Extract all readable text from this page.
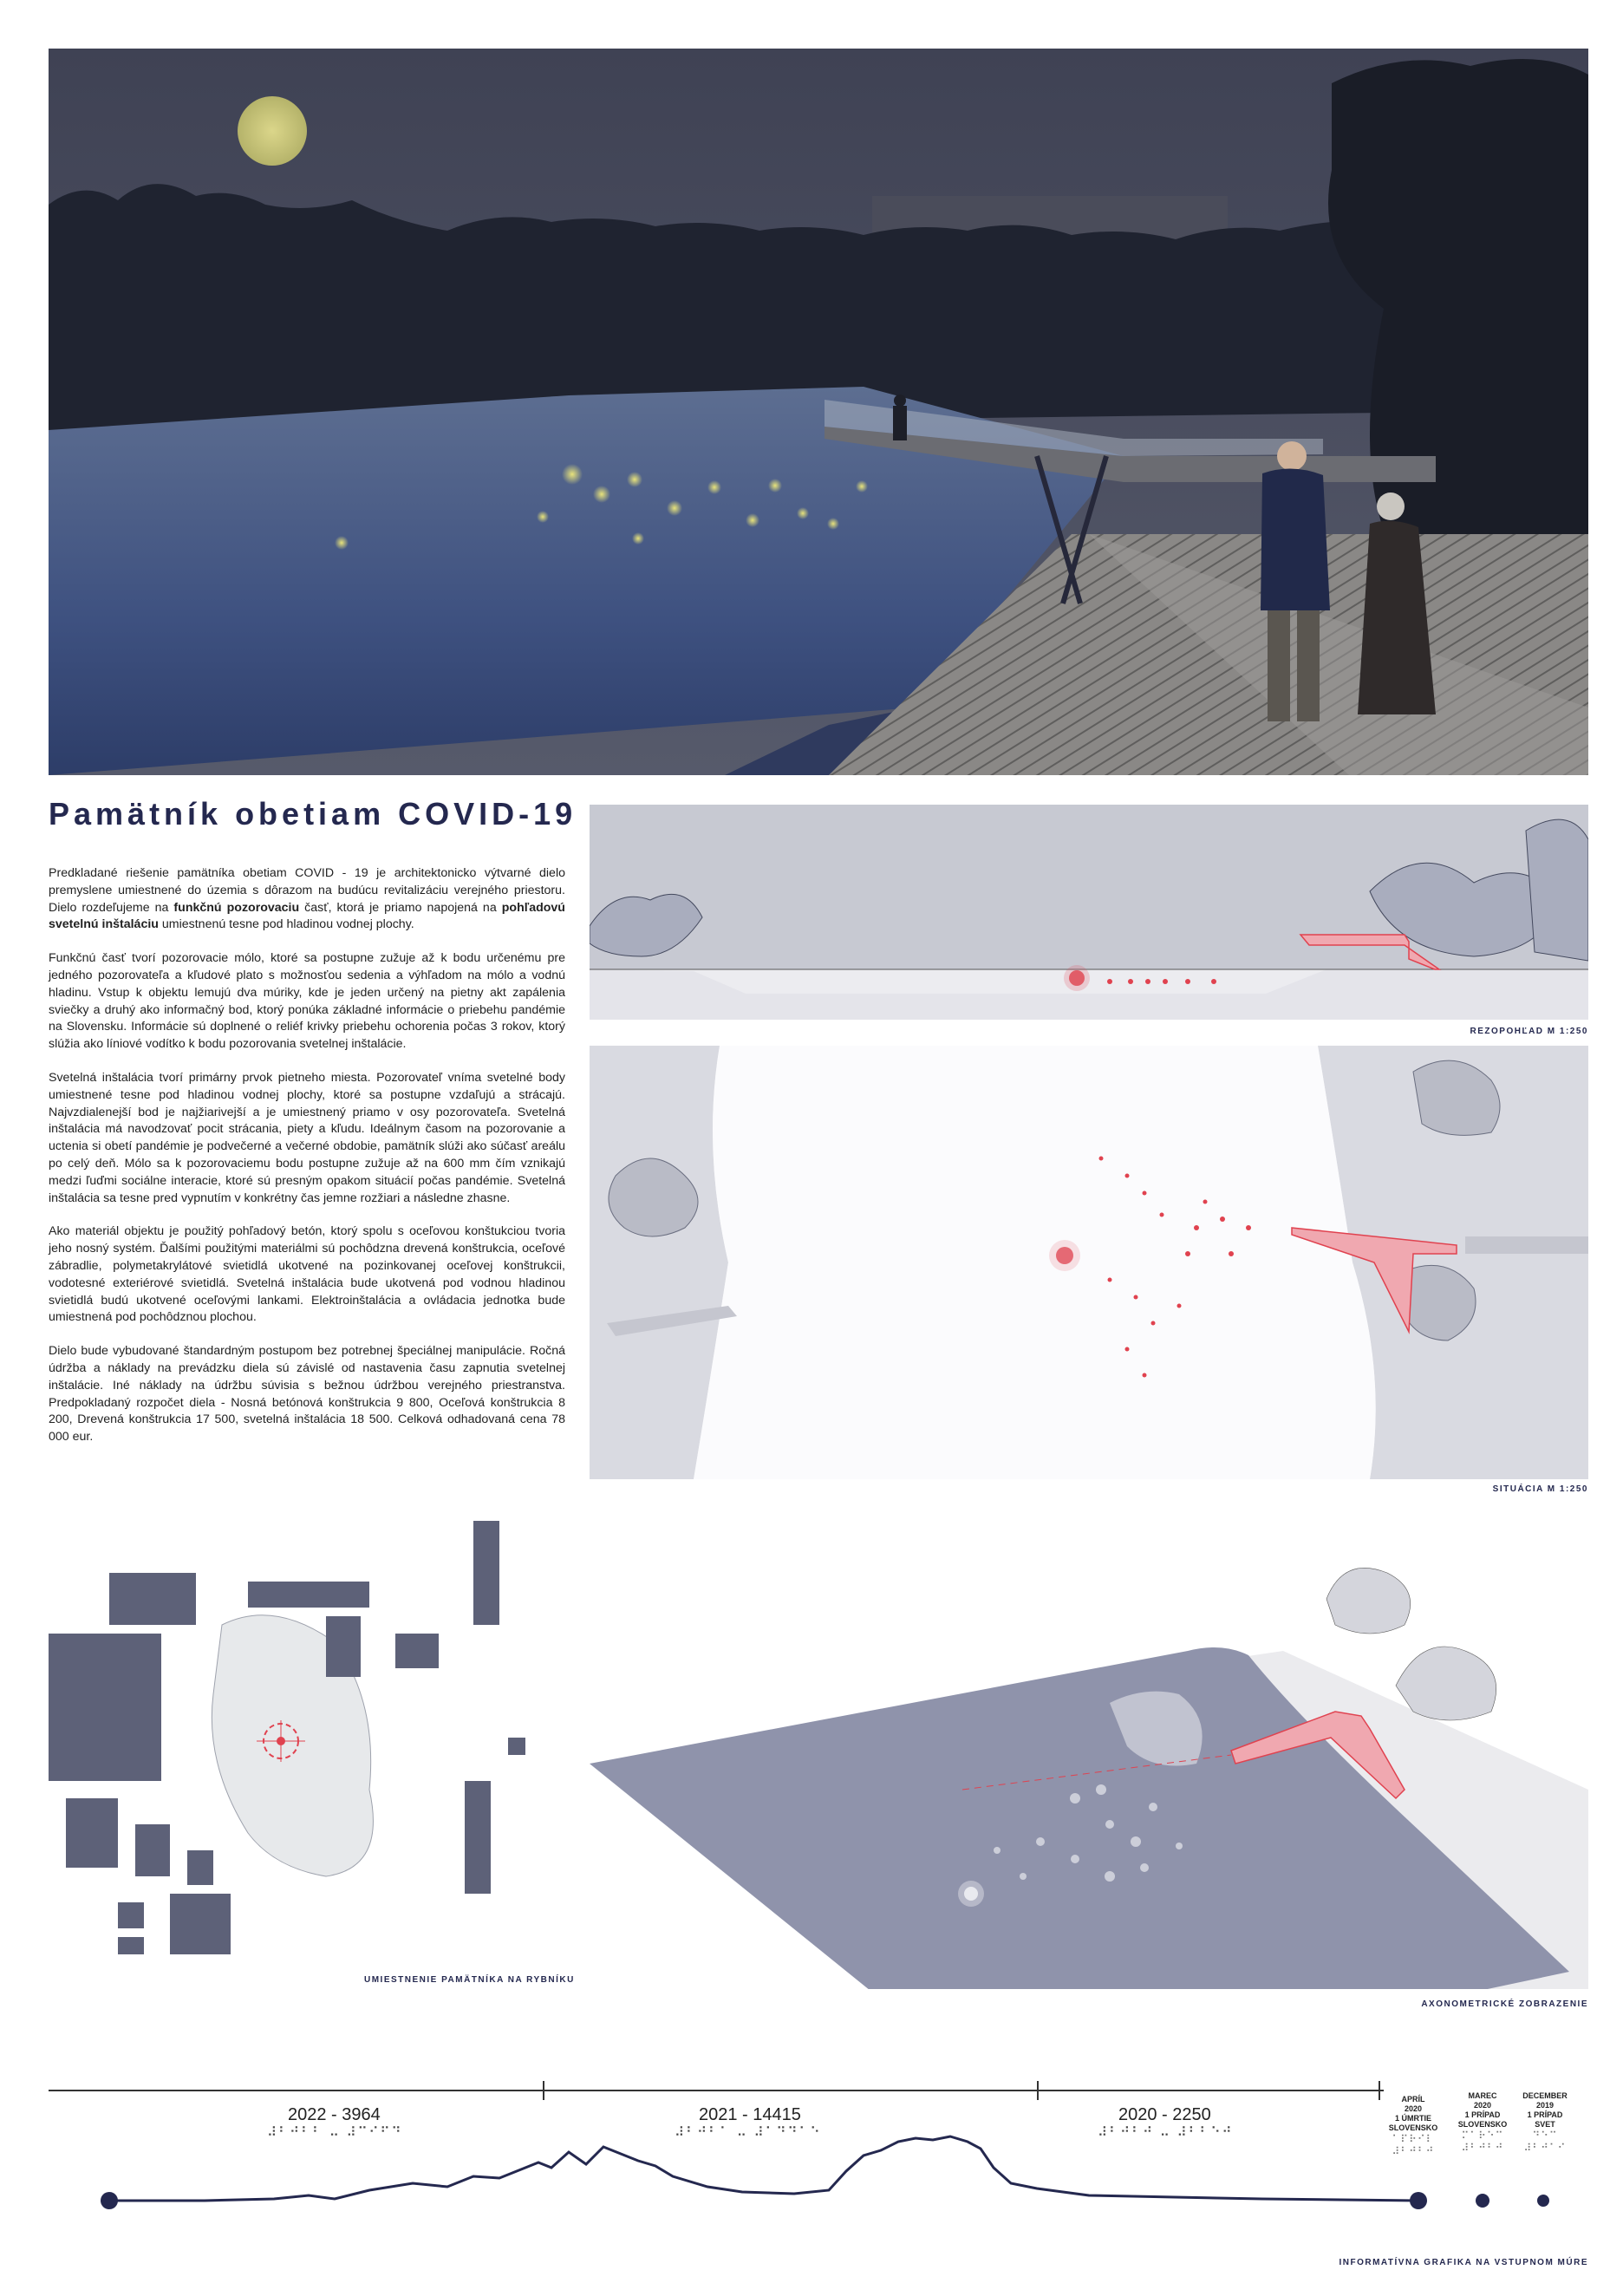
Pamätník obetiam COVID-19

Predkladané riešenie pamätníka obetiam COVID - 19 je architektonicko výtvarné dielo premyslene umiestnené do územia s dôrazom na budúcu revitalizáciu verejného priestoru. Dielo rozdeľujeme na funkčnú pozorovaciu časť, ktorá je priamo napojená na pohľadovú svetelnú inštaláciu umiestnenú tesne pod hladinou vodnej plochy.

Funkčnú časť tvorí pozorovacie mólo, ktoré sa postupne zužuje až k bodu určenému pre jedného pozorovateľa a kľudové plato s možnosťou sedenia a výhľadom na mólo a vodnú hladinu. Vstup k objektu lemujú dva múriky, kde je jeden určený na pietny akt zapálenia sviečky a druhý ako informačný bod, ktorý ponúka základné informácie o priebehu pandémie na Slovensku. Informácie sú doplnené o reliéf krivky priebehu ochorenia počas 3 rokov, ktorý slúžia ako líniové vodítko k bodu pozorovania svetelnej inštalácie.

Svetelná inštalácia tvorí primárny prvok pietneho miesta. Pozorovateľ vníma svetelné body umiestnené tesne pod hladinou vodnej plochy, ktoré sa postupne vzdaľujú a strácajú. Najvzdialenejší bod je najžiarivejší a je umiestnený priamo v osy pozorovateľa. Svetelná inštalácia má navodzovať pocit strácania, piety a kľudu. Ideálnym časom na pozorovanie a uctenia si obetí pandémie je podvečerné a večerné obdobie, pamätník slúži ako súčasť areálu po celý deň. Mólo sa k pozorovaciemu bodu postupne zužuje až na 600 mm čím vznikajú medzi ľuďmi sociálne interacie, ktoré sú presným opakom situácií počas pandémie. Svetelná inštalácia sa tesne pred vypnutím v konkrétny čas jemne rozžiari a následne zhasne.

Ako materiál objektu je použitý pohľadový betón, ktorý spolu s oceľovou konštukciou tvoria jeho nosný systém. Ďalšími použitými materiálmi sú pochôdzna drevená konštrukcia, oceľové zábradlie, polymetakrylátové svietidlá ukotvené na pozinkovanej oceľovej konštrukcii, vodotesné exteriérové svietidlá. Svetelná inštalácia bude ukotvená pod vodnou hladinou svietidlá budú ukotvené oceľovými lankami. Elektroinštalácia a ovládacia jednotka bude umiestnená pod pochôdznou plochou.

Dielo bude vybudované štandardným postupom bez potrebnej špeciálnej manipulácie. Ročná údržba a náklady na prevádzku diela sú závislé od nastavenia času zapnutia svetelnej inštalácie. Iné náklady na údržbu súvisia s bežnou údržbou verejného priestranstva. Predpokladaný rozpočet diela - Nosná betónová konštrukcia 9 800, Oceľová konštrukcia 8 200, Drevená konštrukcia 17 500, svetelná inštalácia 18 500. Celková odhadovaná cena 78 000 eur.

REZOPOHĽAD M 1:250
SITUÁCIA M 1:250
UMIESTNENIE PAMÄTNÍKA NA RYBNÍKU
AXONOMETRICKÉ ZOBRAZENIE
2022 - 3964
⠼⠃⠚⠃⠃ ⠤ ⠼⠉⠊⠋⠙
2021 - 14415
⠼⠃⠚⠃⠁ ⠤ ⠼⠁⠙⠙⠁⠑
2020 - 2250
⠼⠃⠚⠃⠚ ⠤ ⠼⠃⠃⠑⠚
APRÍL
2020
1 ÚMRTIE
SLOVENSKO
⠁⠏⠗⠊⠇ ⠼⠃⠚⠃⠚
MAREC
2020
1 PRÍPAD
SLOVENSKO
⠍⠁⠗⠑⠉ ⠼⠃⠚⠃⠚
DECEMBER
2019
1 PRÍPAD
SVET
⠙⠑⠉ ⠼⠃⠚⠁⠊
INFORMATÍVNA GRAFIKA NA VSTUPNOM MÚRE
